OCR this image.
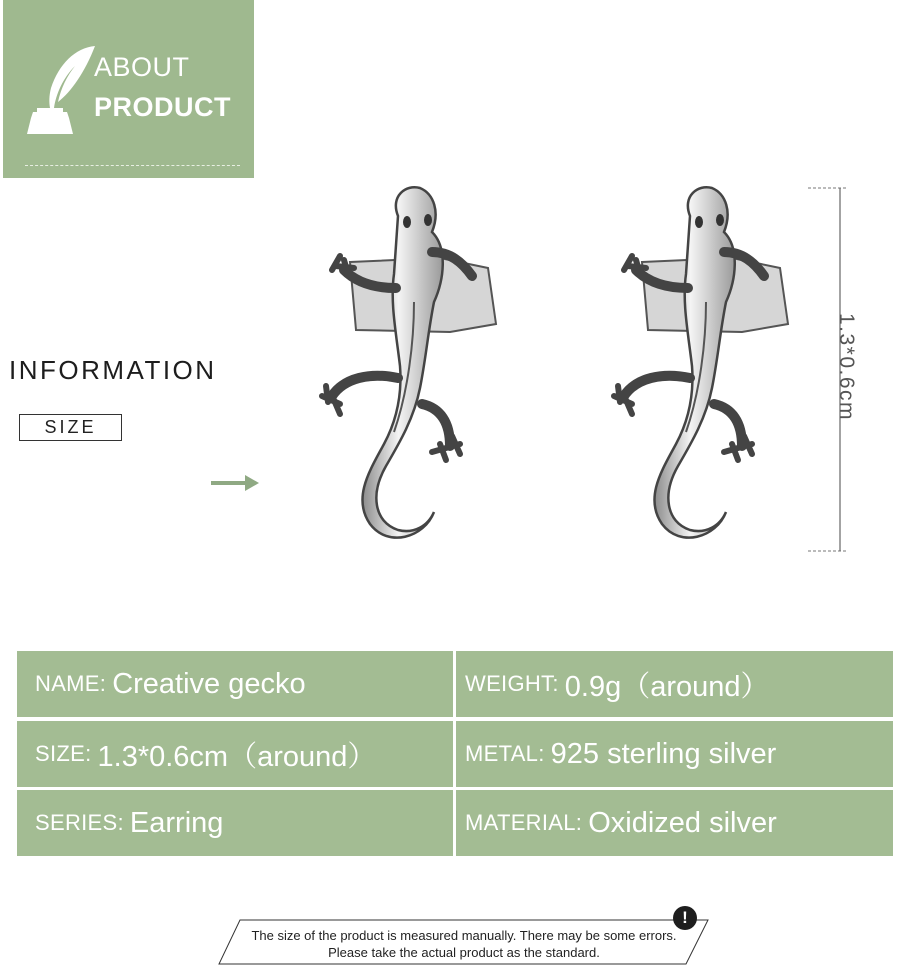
ABOUT
PRODUCT
INFORMATION
SIZE
1.3*0.6cm
NAME: Creative gecko	WEIGHT: 0.9g（around）
SIZE: 1.3*0.6cm（around）	METAL: 925 sterling silver
SERIES: Earring	MATERIAL: Oxidized silver
The size of the product is measured manually. There may be some errors.
Please take the actual product as the standard.
!
